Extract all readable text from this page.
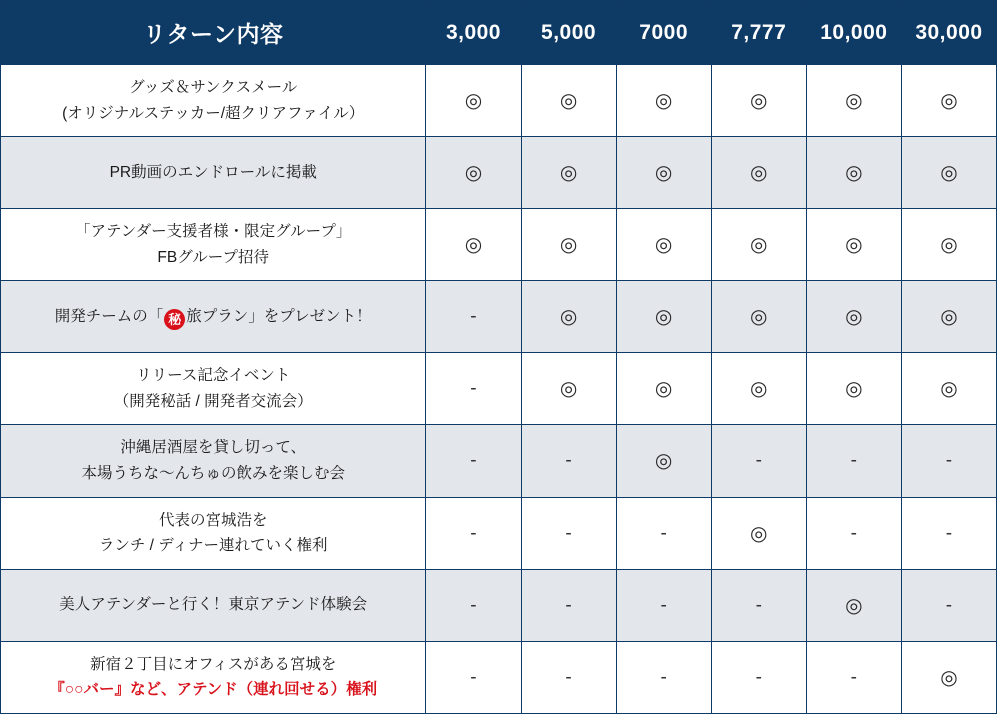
リターン内容	3,000	5,000	7000	7,777	10,000	30,000

グッズ＆サンクスメール
(オリジナルステッカー/超クリアファイル）	◎	◎	◎	◎	◎	◎

PR動画のエンドロールに掲載	◎	◎	◎	◎	◎	◎

「アテンダー支援者様・限定グループ」
FBグループ招待	◎	◎	◎	◎	◎	◎

開発チームの「 秘 旅プラン」をプレゼント！	-	◎	◎	◎	◎	◎

リリース記念イベント
（開発秘話 / 開発者交流会）	-	◎	◎	◎	◎	◎

沖縄居酒屋を貸し切って、
本場うちな〜んちゅの飲みを楽しむ会	-	-	◎	-	-	-

代表の宮城浩を
ランチ / ディナー連れていく権利	-	-	-	◎	-	-

美人アテンダーと行く！東京アテンド体験会	-	-	-	-	◎	-

新宿２丁目にオフィスがある宮城を
『○○バー』など、アテンド（連れ回せる）権利	-	-	-	-	-	◎
